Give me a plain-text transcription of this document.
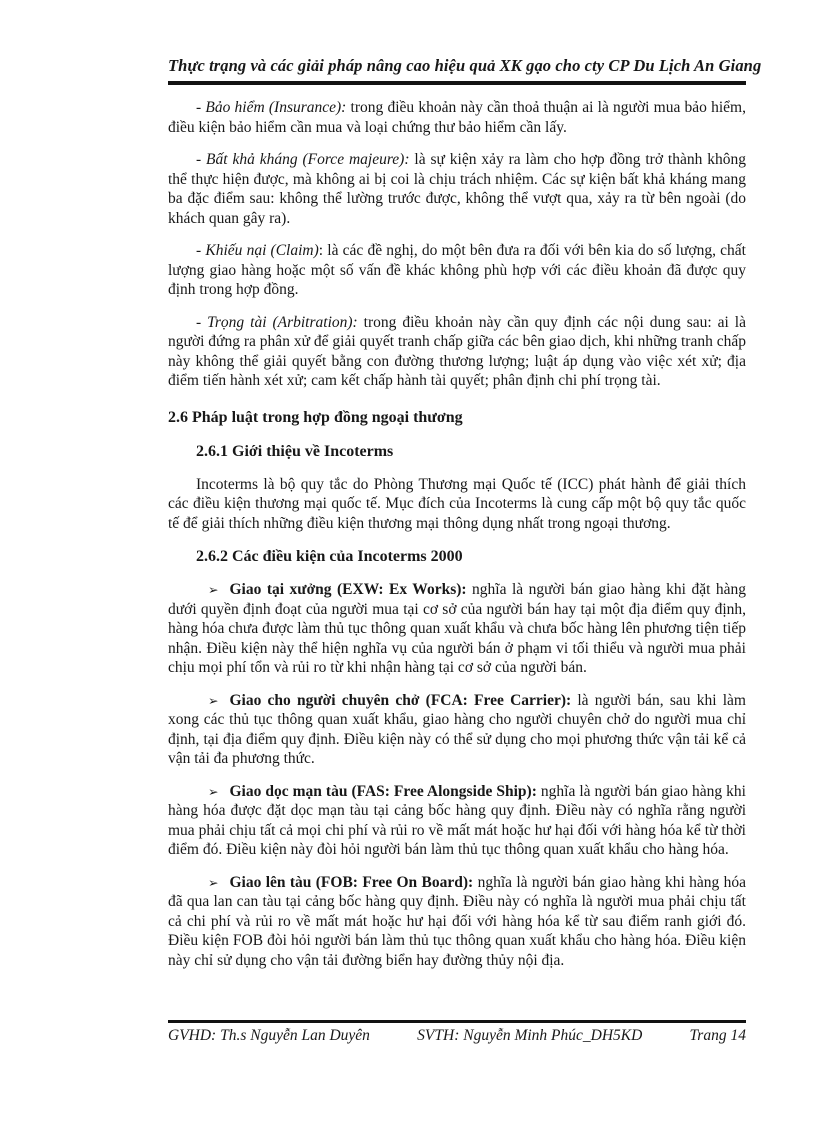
Thực trạng và các giải pháp nâng cao hiệu quả XK gạo cho cty CP Du Lịch An Giang

- Bảo hiểm (Insurance): trong điều khoản này cần thoả thuận ai là người mua bảo hiểm, điều kiện bảo hiểm cần mua và loại chứng thư bảo hiểm cần lấy.

- Bất khả kháng (Force majeure): là sự kiện xảy ra làm cho hợp đồng trở thành không thể thực hiện được, mà không ai bị coi là chịu trách nhiệm. Các sự kiện bất khả kháng mang ba đặc điểm sau: không thể lường trước được, không thể vượt qua, xảy ra từ bên ngoài (do khách quan gây ra).

- Khiếu nại (Claim): là các đề nghị, do một bên đưa ra đối với bên kia do số lượng, chất lượng giao hàng hoặc một số vấn đề khác không phù hợp với các điều khoản đã được quy định trong hợp đồng.

- Trọng tài (Arbitration): trong điều khoản này cần quy định các nội dung sau: ai là người đứng ra phân xử để giải quyết tranh chấp giữa các bên giao dịch, khi những tranh chấp này không thể giải quyết bằng con đường thương lượng; luật áp dụng vào việc xét xử; địa điểm tiến hành xét xử; cam kết chấp hành tài quyết; phân định chi phí trọng tài.

2.6 Pháp luật trong hợp đồng ngoại thương
2.6.1 Giới thiệu về Incoterms

Incoterms là bộ quy tắc do Phòng Thương mại Quốc tế (ICC) phát hành để giải thích các điều kiện thương mại quốc tế. Mục đích của Incoterms là cung cấp một bộ quy tắc quốc tế để giải thích những điều kiện thương mại thông dụng nhất trong ngoại thương.

2.6.2 Các điều kiện của Incoterms 2000

➢ Giao tại xưởng (EXW: Ex Works): nghĩa là người bán giao hàng khi đặt hàng dưới quyền định đoạt của người mua tại cơ sở của người bán hay tại một địa điểm quy định, hàng hóa chưa được làm thủ tục thông quan xuất khẩu và chưa bốc hàng lên phương tiện tiếp nhận. Điều kiện này thể hiện nghĩa vụ của người bán ở phạm vi tối thiểu và người mua phải chịu mọi phí tổn và rủi ro từ khi nhận hàng tại cơ sở của người bán.

➢ Giao cho người chuyên chở (FCA: Free Carrier): là người bán, sau khi làm xong các thủ tục thông quan xuất khẩu, giao hàng cho người chuyên chở do người mua chỉ định, tại địa điểm quy định. Điều kiện này có thể sử dụng cho mọi phương thức vận tải kể cả vận tải đa phương thức.

➢ Giao dọc mạn tàu (FAS: Free Alongside Ship): nghĩa là người bán giao hàng khi hàng hóa được đặt dọc mạn tàu tại cảng bốc hàng quy định. Điều này có nghĩa rằng người mua phải chịu tất cả mọi chi phí và rủi ro về mất mát hoặc hư hại đối với hàng hóa kể từ thời điểm đó. Điều kiện này đòi hỏi người bán làm thủ tục thông quan xuất khẩu cho hàng hóa.

➢ Giao lên tàu (FOB: Free On Board): nghĩa là người bán giao hàng khi hàng hóa đã qua lan can tàu tại cảng bốc hàng quy định. Điều này có nghĩa là người mua phải chịu tất cả chi phí và rủi ro về mất mát hoặc hư hại đối với hàng hóa kể từ sau điểm ranh giới đó. Điều kiện FOB đòi hỏi người bán làm thủ tục thông quan xuất khẩu cho hàng hóa. Điều kiện này chỉ sử dụng cho vận tải đường biển hay đường thủy nội địa.

GVHD: Th.s Nguyễn Lan Duyên	SVTH: Nguyễn Minh Phúc_DH5KD	Trang 14
